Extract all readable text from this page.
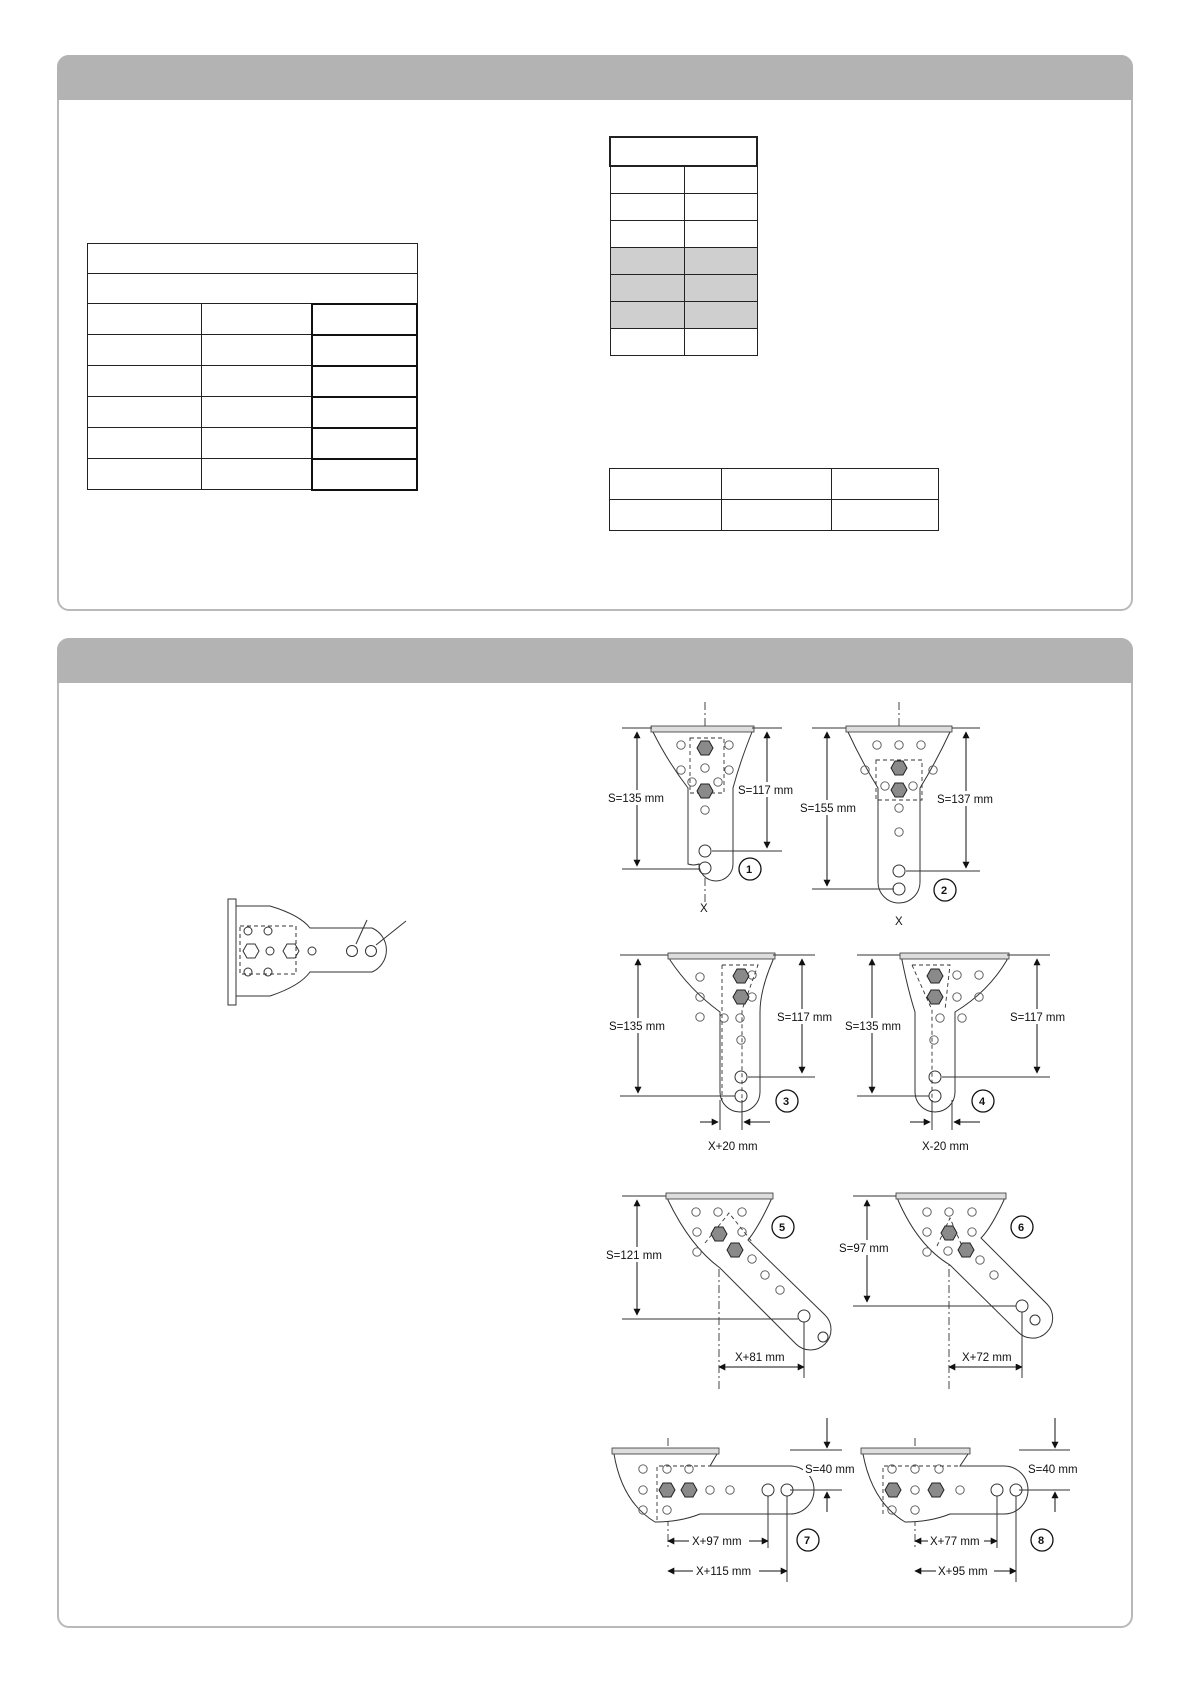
S=135 mm
S=117 mm
X
1
S=155 mm
S=137 mm
X
2
S=135 mm
S=117 mm
X+20 mm
3
S=135 mm
S=117 mm
X-20 mm
4
S=121 mm
X+81 mm
5
S=97 mm
X+72 mm
6
S=40 mm
X+97 mm
X+115 mm
7
S=40 mm
X+77 mm
X+95 mm
8
